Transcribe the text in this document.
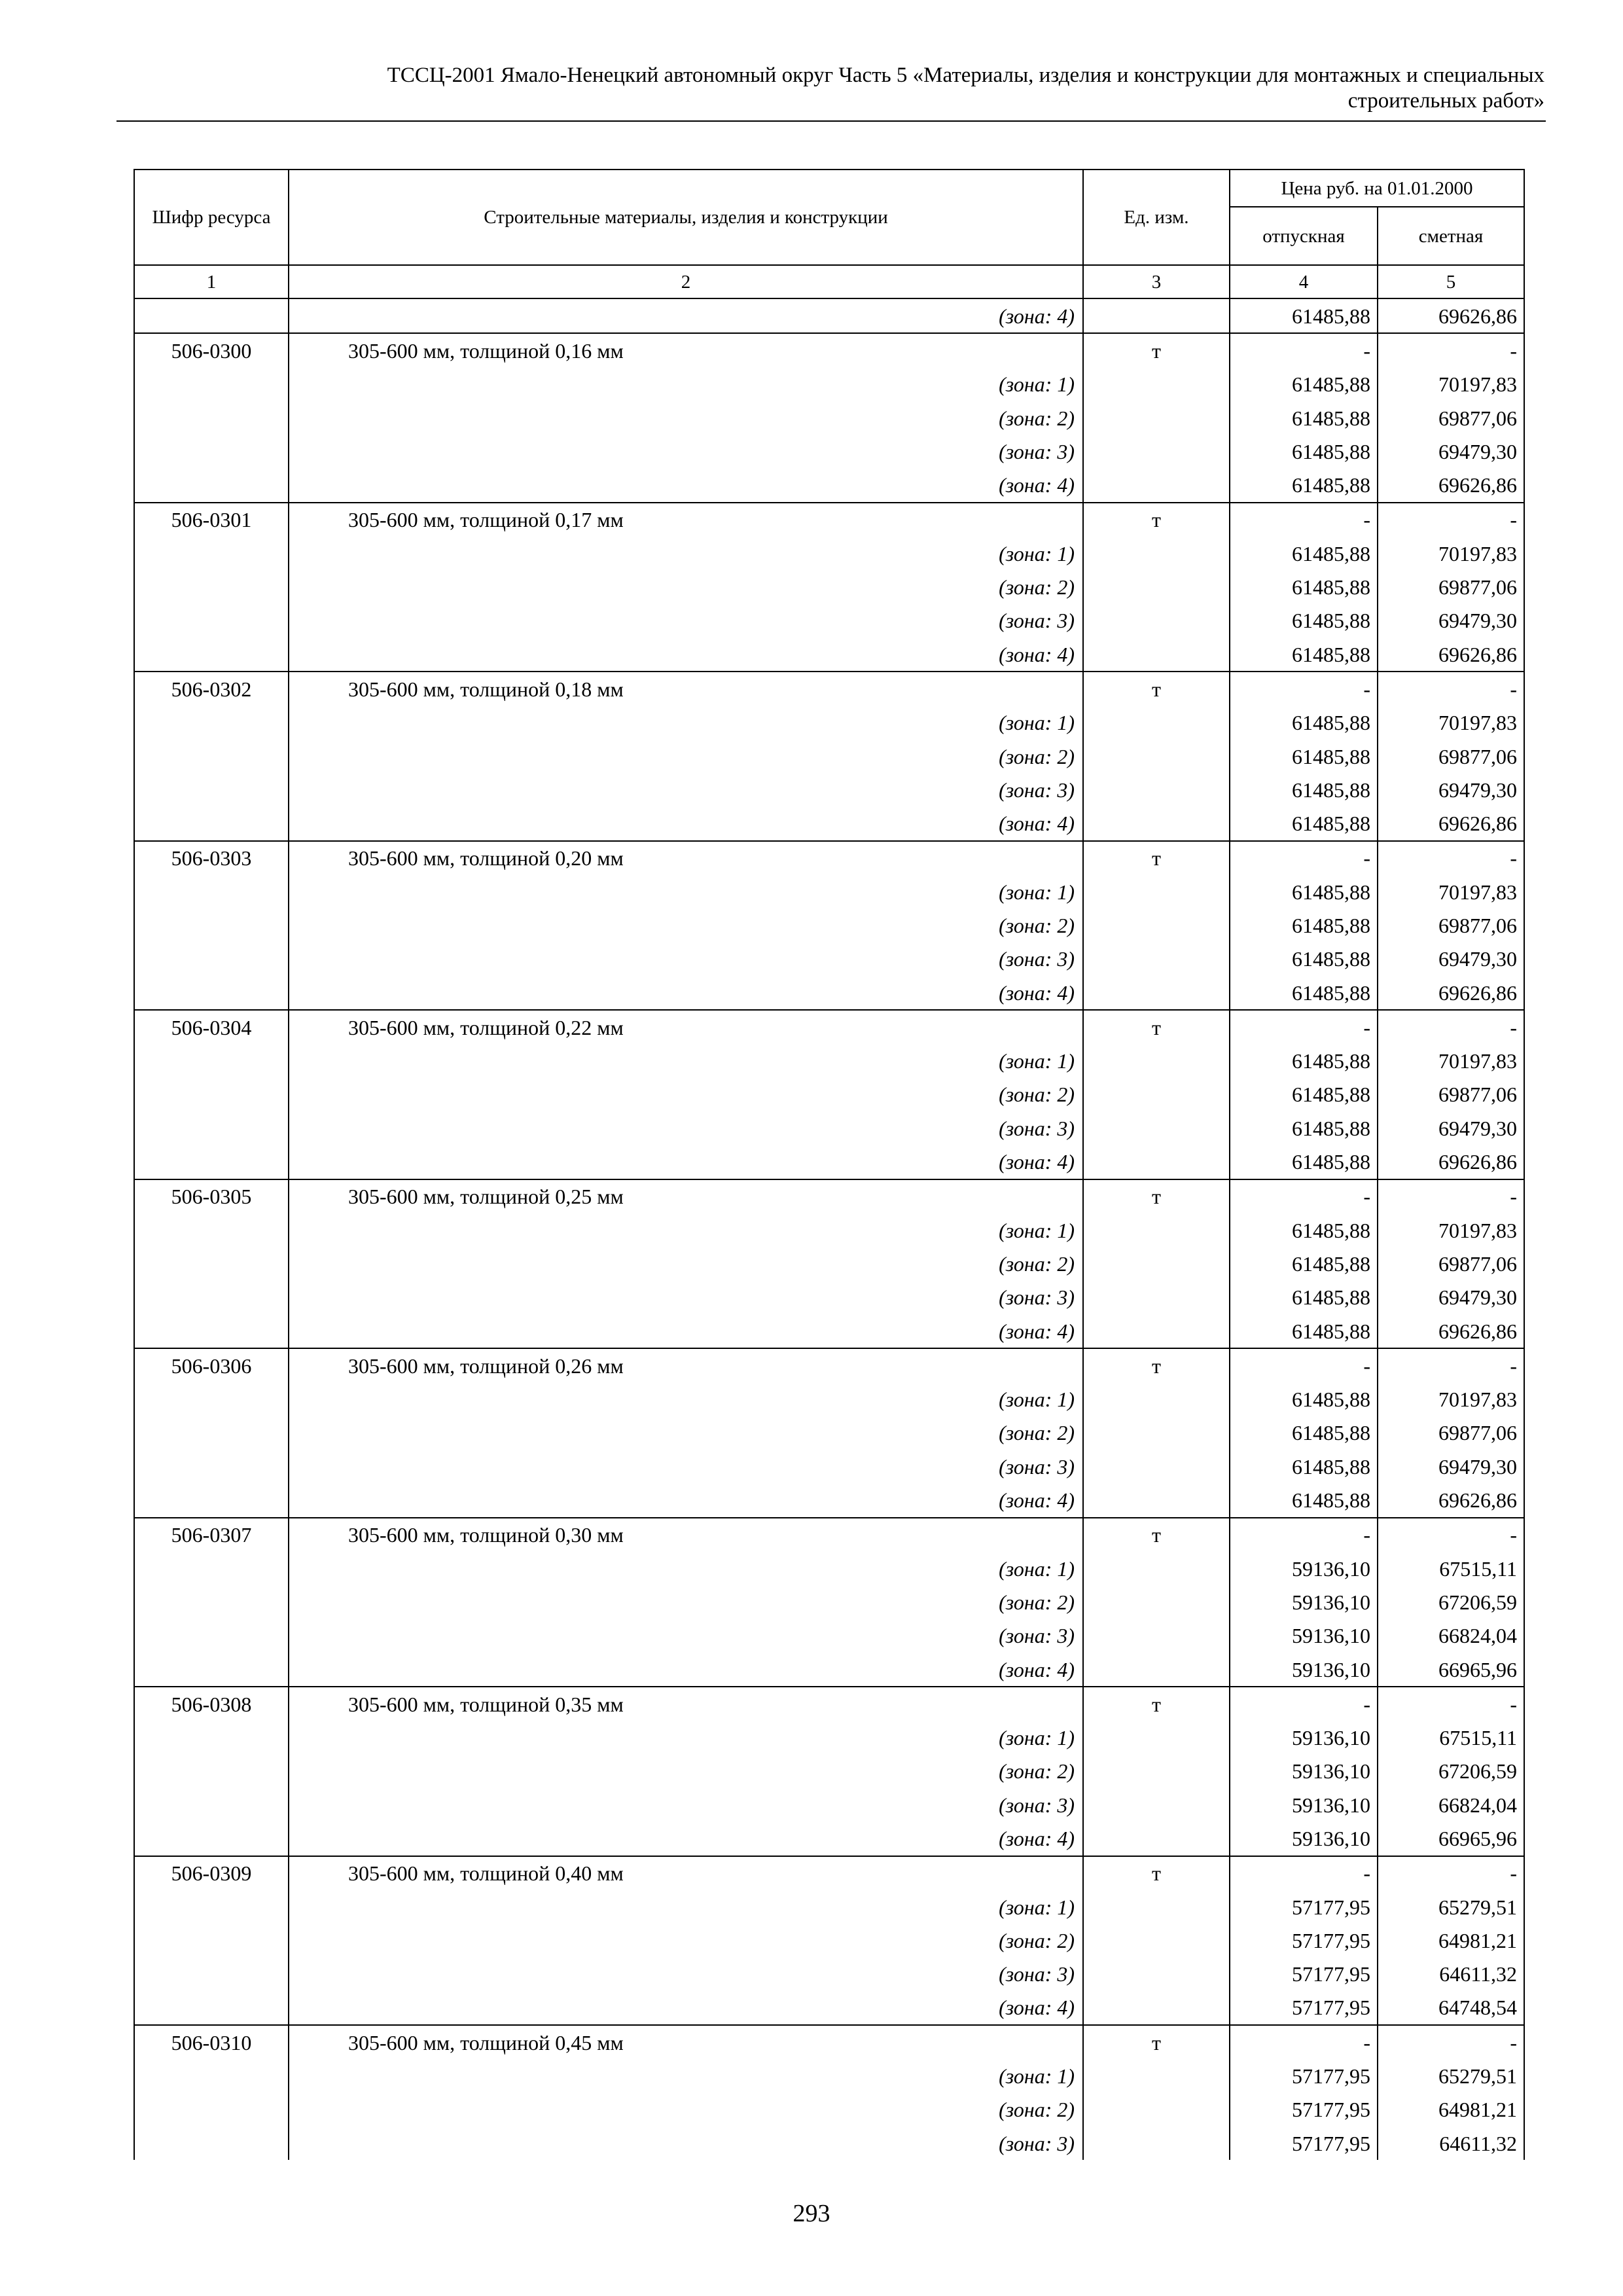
ТССЦ-2001 Ямало-Ненецкий автономный округ Часть 5 «Материалы, изделия и конструкции для монтажных и специальных
строительных работ»
Шифр ресурса	Строительные материалы, изделия и конструкции	Ед. изм.	Цена руб. на 01.01.2000	
			отпускная	сметная
1	2	3	4	5
	(зона: 4)		61485,88	69626,86
506-0300	305-600 мм, толщиной 0,16 мм	т	-	-
	(зона: 1)		61485,88	70197,83
	(зона: 2)		61485,88	69877,06
	(зона: 3)		61485,88	69479,30
	(зона: 4)		61485,88	69626,86
506-0301	305-600 мм, толщиной 0,17 мм	т	-	-
	(зона: 1)		61485,88	70197,83
	(зона: 2)		61485,88	69877,06
	(зона: 3)		61485,88	69479,30
	(зона: 4)		61485,88	69626,86
506-0302	305-600 мм, толщиной 0,18 мм	т	-	-
	(зона: 1)		61485,88	70197,83
	(зона: 2)		61485,88	69877,06
	(зона: 3)		61485,88	69479,30
	(зона: 4)		61485,88	69626,86
506-0303	305-600 мм, толщиной 0,20 мм	т	-	-
	(зона: 1)		61485,88	70197,83
	(зона: 2)		61485,88	69877,06
	(зона: 3)		61485,88	69479,30
	(зона: 4)		61485,88	69626,86
506-0304	305-600 мм, толщиной 0,22 мм	т	-	-
	(зона: 1)		61485,88	70197,83
	(зона: 2)		61485,88	69877,06
	(зона: 3)		61485,88	69479,30
	(зона: 4)		61485,88	69626,86
506-0305	305-600 мм, толщиной 0,25 мм	т	-	-
	(зона: 1)		61485,88	70197,83
	(зона: 2)		61485,88	69877,06
	(зона: 3)		61485,88	69479,30
	(зона: 4)		61485,88	69626,86
506-0306	305-600 мм, толщиной 0,26 мм	т	-	-
	(зона: 1)		61485,88	70197,83
	(зона: 2)		61485,88	69877,06
	(зона: 3)		61485,88	69479,30
	(зона: 4)		61485,88	69626,86
506-0307	305-600 мм, толщиной 0,30 мм	т	-	-
	(зона: 1)		59136,10	67515,11
	(зона: 2)		59136,10	67206,59
	(зона: 3)		59136,10	66824,04
	(зона: 4)		59136,10	66965,96
506-0308	305-600 мм, толщиной 0,35 мм	т	-	-
	(зона: 1)		59136,10	67515,11
	(зона: 2)		59136,10	67206,59
	(зона: 3)		59136,10	66824,04
	(зона: 4)		59136,10	66965,96
506-0309	305-600 мм, толщиной 0,40 мм	т	-	-
	(зона: 1)		57177,95	65279,51
	(зона: 2)		57177,95	64981,21
	(зона: 3)		57177,95	64611,32
	(зона: 4)		57177,95	64748,54
506-0310	305-600 мм, толщиной 0,45 мм	т	-	-
	(зона: 1)		57177,95	65279,51
	(зона: 2)		57177,95	64981,21
	(зона: 3)		57177,95	64611,32
293
